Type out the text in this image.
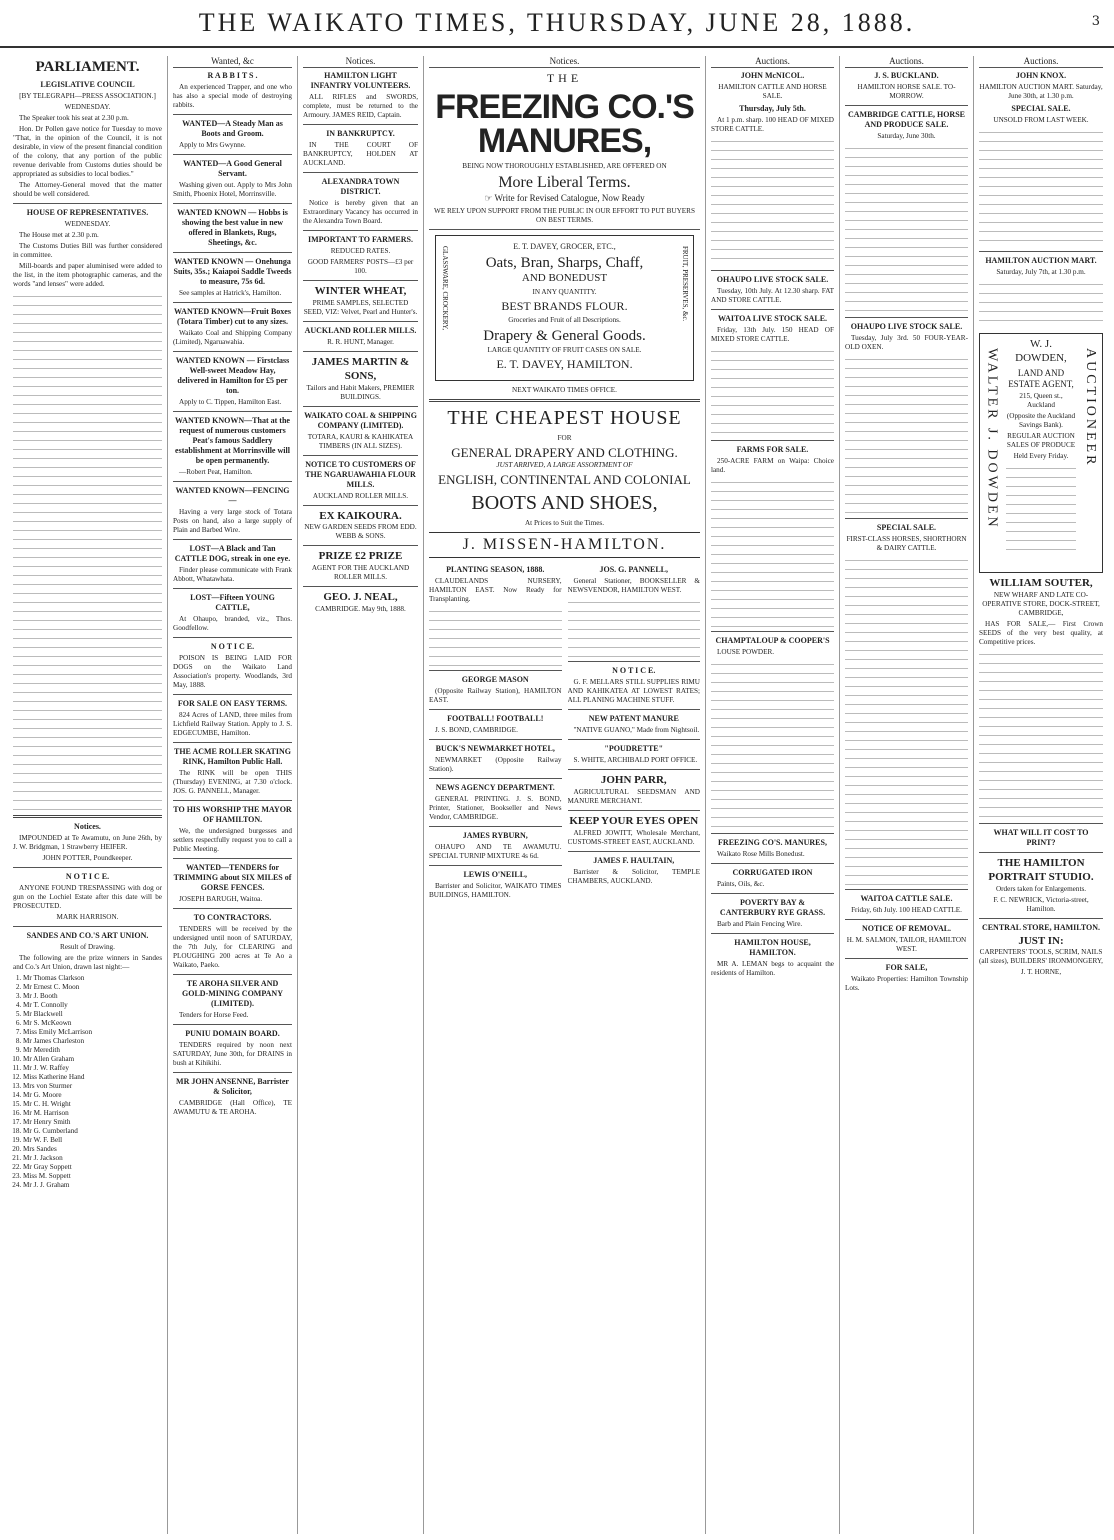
THE WAIKATO TIMES, THURSDAY, JUNE 28, 1888.	3
PARLIAMENT.
LEGISLATIVE COUNCIL

[BY TELEGRAPH—PRESS ASSOCIATION.]

WEDNESDAY.

The Speaker took his seat at 2.30 p.m.

Hon. Dr Pollen gave notice for Tuesday to move "That, in the opinion of the Council, it is not desirable, in view of the present financial condition of the colony, that any portion of the public revenue derivable from Customs duties should be appropriated as subsidies to local bodies."

The Attorney-General moved that the matter should be well considered.

HOUSE OF REPRESENTATIVES.

WEDNESDAY.

The House met at 2.30 p.m.

The Customs Duties Bill was further considered in committee.

Mill-boards and paper aluminised were added to the list, in the item photographic cameras, and the words "and lenses" were added.

Notices.

IMPOUNDED at Te Awamutu, on June 26th, by J. W. Bridgman, 1 Strawberry HEIFER.

JOHN POTTER, Poundkeeper.

N O T I C E.

ANYONE FOUND TRESPASSING with dog or gun on the Lochiel Estate after this date will be PROSECUTED.

MARK HARRISON.

SANDES AND CO.'S ART UNION.

Result of Drawing.

The following are the prize winners in Sandes and Co.'s Art Union, drawn last night:—

1. Mr Thomas Clarkson
2. Mr Ernest C. Moon
3. Mr J. Booth
4. Mr T. Connolly
5. Mr Blackwell
6. Mr S. McKeown
7. Miss Emily McLarrison
8. Mr James Charleston
9. Mr Meredith
10. Mr Allen Graham
11. Mr J. W. Raffey
12. Miss Katherine Hand
13. Mrs von Sturmer
14. Mr G. Moore
15. Mr C. H. Wright
16. Mr M. Harrison
17. Mr Henry Smith
18. Mr G. Cumberland
19. Mr W. F. Bell
20. Mrs Sandes
21. Mr J. Jackson
22. Mr Gray Soppett
23. Miss M. Soppett
24. Mr J. J. Graham
Wanted, &c
R A B B I T S .

An experienced Trapper, and one who has also a special mode of destroying rabbits.

WANTED—A Steady Man as Boots and Groom.

Apply to Mrs Gwynne.

WANTED—A Good General Servant.

Washing given out. Apply to Mrs John Smith, Phoenix Hotel, Morrinsville.

WANTED KNOWN — Hobbs is showing the best value in new offered in Blankets, Rugs, Sheetings, &c.
WANTED KNOWN — Onehunga Suits, 35s.; Kaiapoi Saddle Tweeds to measure, 75s 6d.

See samples at Hatrick's, Hamilton.

WANTED KNOWN—Fruit Boxes (Totara Timber) cut to any sizes.

Waikato Coal and Shipping Company (Limited), Ngaruawahia.

WANTED KNOWN — Firstclass Well-sweet Meadow Hay, delivered in Hamilton for £5 per ton.

Apply to C. Tippen, Hamilton East.

WANTED KNOWN—That at the request of numerous customers Peat's famous Saddlery establishment at Morrinsville will be open permanently.

—Robert Peat, Hamilton.

WANTED KNOWN—FENCING—

Having a very large stock of Totara Posts on hand, also a large supply of Plain and Barbed Wire.

LOST—A Black and Tan CATTLE DOG, streak in one eye.

Finder please communicate with Frank Abbott, Whatawhata.

LOST—Fifteen YOUNG CATTLE,

At Ohaupo, branded, viz., Thos. Goodfellow.

N O T I C E.

POISON IS BEING LAID FOR DOGS on the Waikato Land Association's property. Woodlands, 3rd May, 1888.

FOR SALE ON EASY TERMS.

824 Acres of LAND, three miles from Lichfield Railway Station. Apply to J. S. EDGECUMBE, Hamilton.

THE ACME ROLLER SKATING RINK, Hamilton Public Hall.

The RINK will be open THIS (Thursday) EVENING, at 7.30 o'clock. JOS. G. PANNELL, Manager.

TO HIS WORSHIP THE MAYOR OF HAMILTON.

We, the undersigned burgesses and settlers respectfully request you to call a Public Meeting.

WANTED—TENDERS for TRIMMING about SIX MILES of GORSE FENCES.

JOSEPH BARUGH, Waitoa.

TO CONTRACTORS.

TENDERS will be received by the undersigned until noon of SATURDAY, the 7th July, for CLEARING and PLOUGHING 200 acres at Te Ao a Waikato, Paeko.

TE AROHA SILVER AND GOLD-MINING COMPANY (LIMITED).

Tenders for Horse Feed.

PUNIU DOMAIN BOARD.

TENDERS required by noon next SATURDAY, June 30th, for DRAINS in bush at Kihikihi.

MR JOHN ANSENNE, Barrister & Solicitor,

CAMBRIDGE (Hall Office), TE AWAMUTU & TE AROHA.

Notices.
HAMILTON LIGHT INFANTRY VOLUNTEERS.

ALL RIFLES and SWORDS, complete, must be returned to the Armoury. JAMES REID, Captain.

IN BANKRUPTCY.

IN THE COURT OF BANKRUPTCY, HOLDEN AT AUCKLAND.

ALEXANDRA TOWN DISTRICT.

Notice is hereby given that an Extraordinary Vacancy has occurred in the Alexandra Town Board.

IMPORTANT TO FARMERS.

REDUCED RATES.

GOOD FARMERS' POSTS—£3 per 100.

WINTER WHEAT,

PRIME SAMPLES, SELECTED SEED, VIZ: Velvet, Pearl and Hunter's.

AUCKLAND ROLLER MILLS.

R. R. HUNT, Manager.

JAMES MARTIN & SONS,

Tailors and Habit Makers, PREMIER BUILDINGS.

WAIKATO COAL & SHIPPING COMPANY (LIMITED).

TOTARA, KAURI & KAHIKATEA TIMBERS (IN ALL SIZES).

NOTICE TO CUSTOMERS OF THE NGARUAWAHIA FLOUR MILLS.

AUCKLAND ROLLER MILLS.

EX KAIKOURA.

NEW GARDEN SEEDS FROM EDD. WEBB & SONS.

PRIZE £2 PRIZE

AGENT FOR THE AUCKLAND ROLLER MILLS.

GEO. J. NEAL,

CAMBRIDGE. May 9th, 1888.

Notices.

THE

FREEZING CO.'S MANURES,

BEING NOW THOROUGHLY ESTABLISHED, ARE OFFERED ON

More Liberal Terms.

☞ Write for Revised Catalogue, Now Ready

WE RELY UPON SUPPORT FROM THE PUBLIC IN OUR EFFORT TO PUT BUYERS ON BEST TERMS.

GLASSWARE, CROCKERY,	FRUIT, PRESERVES, &c.

E. T. DAVEY, GROCER, ETC.,

Oats, Bran, Sharps, Chaff,

AND BONEDUST

IN ANY QUANTITY.

BEST BRANDS FLOUR.

Groceries and Fruit of all Descriptions.

Drapery & General Goods.

LARGE QUANTITY OF FRUIT CASES ON SALE.

E. T. DAVEY, HAMILTON.

NEXT WAIKATO TIMES OFFICE.

THE CHEAPEST HOUSE

FOR

GENERAL DRAPERY AND CLOTHING.

JUST ARRIVED, A LARGE ASSORTMENT OF

ENGLISH, CONTINENTAL AND COLONIAL
BOOTS AND SHOES,

At Prices to Suit the Times.

J. MISSEN-HAMILTON.
PLANTING SEASON, 1888.

CLAUDELANDS NURSERY, HAMILTON EAST. Now Ready for Transplanting.

GEORGE MASON

(Opposite Railway Station), HAMILTON EAST.

FOOTBALL! FOOTBALL!

J. S. BOND, CAMBRIDGE.

BUCK'S NEWMARKET HOTEL,

NEWMARKET (Opposite Railway Station).

NEWS AGENCY DEPARTMENT.

GENERAL PRINTING. J. S. BOND, Printer, Stationer, Bookseller and News Vendor, CAMBRIDGE.

JAMES RYBURN,

OHAUPO AND TE AWAMUTU. SPECIAL TURNIP MIXTURE 4s 6d.

LEWIS O'NEILL,

Barrister and Solicitor, WAIKATO TIMES BUILDINGS, HAMILTON.

JOS. G. PANNELL,

General Stationer, BOOKSELLER & NEWSVENDOR, HAMILTON WEST.

N O T I C E.

G. F. MELLARS STILL SUPPLIES RIMU AND KAHIKATEA AT LOWEST RATES; ALL PLANING MACHINE STUFF.

NEW PATENT MANURE

"NATIVE GUANO," Made from Nightsoil.

"POUDRETTE"

S. WHITE, ARCHIBALD PORT OFFICE.

JOHN PARR,

AGRICULTURAL SEEDSMAN AND MANURE MERCHANT.

KEEP YOUR EYES OPEN

ALFRED JOWITT, Wholesale Merchant, CUSTOMS-STREET EAST, AUCKLAND.

JAMES F. HAULTAIN,

Barrister & Solicitor, TEMPLE CHAMBERS, AUCKLAND.

Auctions.
JOHN McNICOL.

HAMILTON CATTLE AND HORSE SALE.

Thursday, July 5th.

At 1 p.m. sharp. 100 HEAD OF MIXED STORE CATTLE.

OHAUPO LIVE STOCK SALE.

Tuesday, 10th July. At 12.30 sharp. FAT AND STORE CATTLE.

WAITOA LIVE STOCK SALE.

Friday, 13th July. 150 HEAD OF MIXED STORE CATTLE.

FARMS FOR SALE.

250-ACRE FARM on Waipa: Choice land.

CHAMPTALOUP & COOPER'S

LOUSE POWDER.

FREEZING CO'S. MANURES,

Waikato Rose Mills Bonedust.

CORRUGATED IRON

Paints, Oils, &c.

POVERTY BAY & CANTERBURY RYE GRASS.

Barb and Plain Fencing Wire.

HAMILTON HOUSE, HAMILTON.

MR A. LEMAN begs to acquaint the residents of Hamilton.

Auctions.
J. S. BUCKLAND.

HAMILTON HORSE SALE. TO-MORROW.

CAMBRIDGE CATTLE, HORSE AND PRODUCE SALE.

Saturday, June 30th.

OHAUPO LIVE STOCK SALE.

Tuesday, July 3rd. 50 FOUR-YEAR-OLD OXEN.

SPECIAL SALE.

FIRST-CLASS HORSES, SHORTHORN & DAIRY CATTLE.

WAITOA CATTLE SALE.

Friday, 6th July. 100 HEAD CATTLE.

NOTICE OF REMOVAL.

H. M. SALMON, TAILOR, HAMILTON WEST.

FOR SALE,

Waikato Properties: Hamilton Township Lots.

Auctions.
JOHN KNOX.

HAMILTON AUCTION MART. Saturday, June 30th, at 1.30 p.m.

SPECIAL SALE.

UNSOLD FROM LAST WEEK.

HAMILTON AUCTION MART.

Saturday, July 7th, at 1.30 p.m.

WALTER J. DOWDEN	AUCTIONEER

W. J. DOWDEN,

LAND AND ESTATE AGENT,

215, Queen st., Auckland

(Opposite the Auckland Savings Bank).

REGULAR AUCTION SALES OF PRODUCE

Held Every Friday.

WILLIAM SOUTER,

NEW WHARF AND LATE CO-OPERATIVE STORE, DOCK-STREET, CAMBRIDGE,

HAS FOR SALE,— First Crown SEEDS of the very best quality, at Competitive prices.

WHAT WILL IT COST TO PRINT?
THE HAMILTON PORTRAIT STUDIO.

Orders taken for Enlargements.

F. C. NEWRICK, Victoria-street, Hamilton.

CENTRAL STORE, HAMILTON.
JUST IN:

CARPENTERS' TOOLS, SCRIM, NAILS (all sizes), BUILDERS' IRONMONGERY,

J. T. HORNE,
